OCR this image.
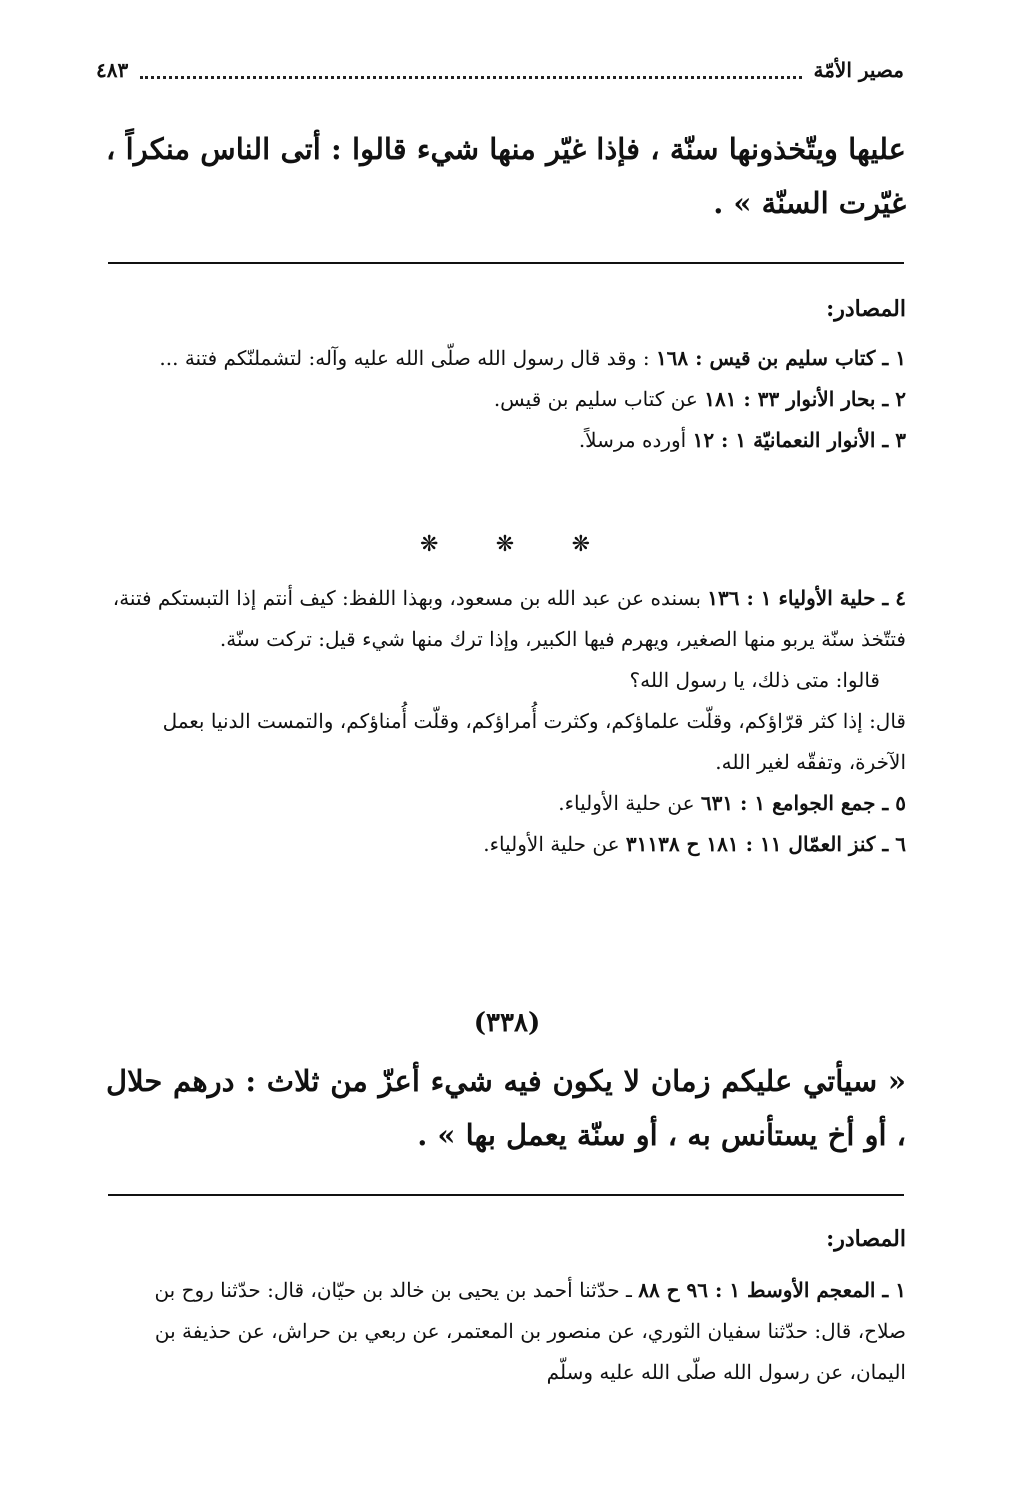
مصير الأمّة
٤٨٣
عليها ويتّخذونها سنّة ، فإذا غيّر منها شيء قالوا : أتى الناس منكراً ، غيّرت السنّة » .
المصادر:

١ ـ كتاب سليم بن قيس : ١٦٨ : وقد قال رسول الله صلّى الله عليه وآله: لتشملنّكم فتنة ...

٢ ـ بحار الأنوار ٣٣ : ١٨١ عن كتاب سليم بن قيس.

٣ ـ الأنوار النعمانيّة ١ : ١٢ أورده مرسلاً.

❋	❋	❋

٤ ـ حلية الأولياء ١ : ١٣٦ بسنده عن عبد الله بن مسعود، وبهذا اللفظ: كيف أنتم إذا التبستكم فتنة، فتتّخذ سنّة يربو منها الصغير، ويهرم فيها الكبير، وإذا ترك منها شيء قيل: تركت سنّة.

قالوا: متى ذلك، يا رسول الله؟

قال: إذا كثر قرّاؤكم، وقلّت علماؤكم، وكثرت أُمراؤكم، وقلّت أُمناؤكم، والتمست الدنيا بعمل الآخرة، وتفقّه لغير الله.

٥ ـ جمع الجوامع ١ : ٦٣١ عن حلية الأولياء.

٦ ـ كنز العمّال ١١ : ١٨١ ح ٣١١٣٨ عن حلية الأولياء.

(٣٣٨)
« سيأتي عليكم زمان لا يكون فيه شيء أعزّ من ثلاث : درهم حلال ، أو أخ يستأنس به ، أو سنّة يعمل بها » .
المصادر:

١ ـ المعجم الأوسط ١ : ٩٦ ح ٨٨ ـ حدّثنا أحمد بن يحيى بن خالد بن حيّان، قال: حدّثنا روح بن صلاح، قال: حدّثنا سفيان الثوري، عن منصور بن المعتمر، عن ربعي بن حراش، عن حذيفة بن اليمان، عن رسول الله صلّى الله عليه وسلّم
